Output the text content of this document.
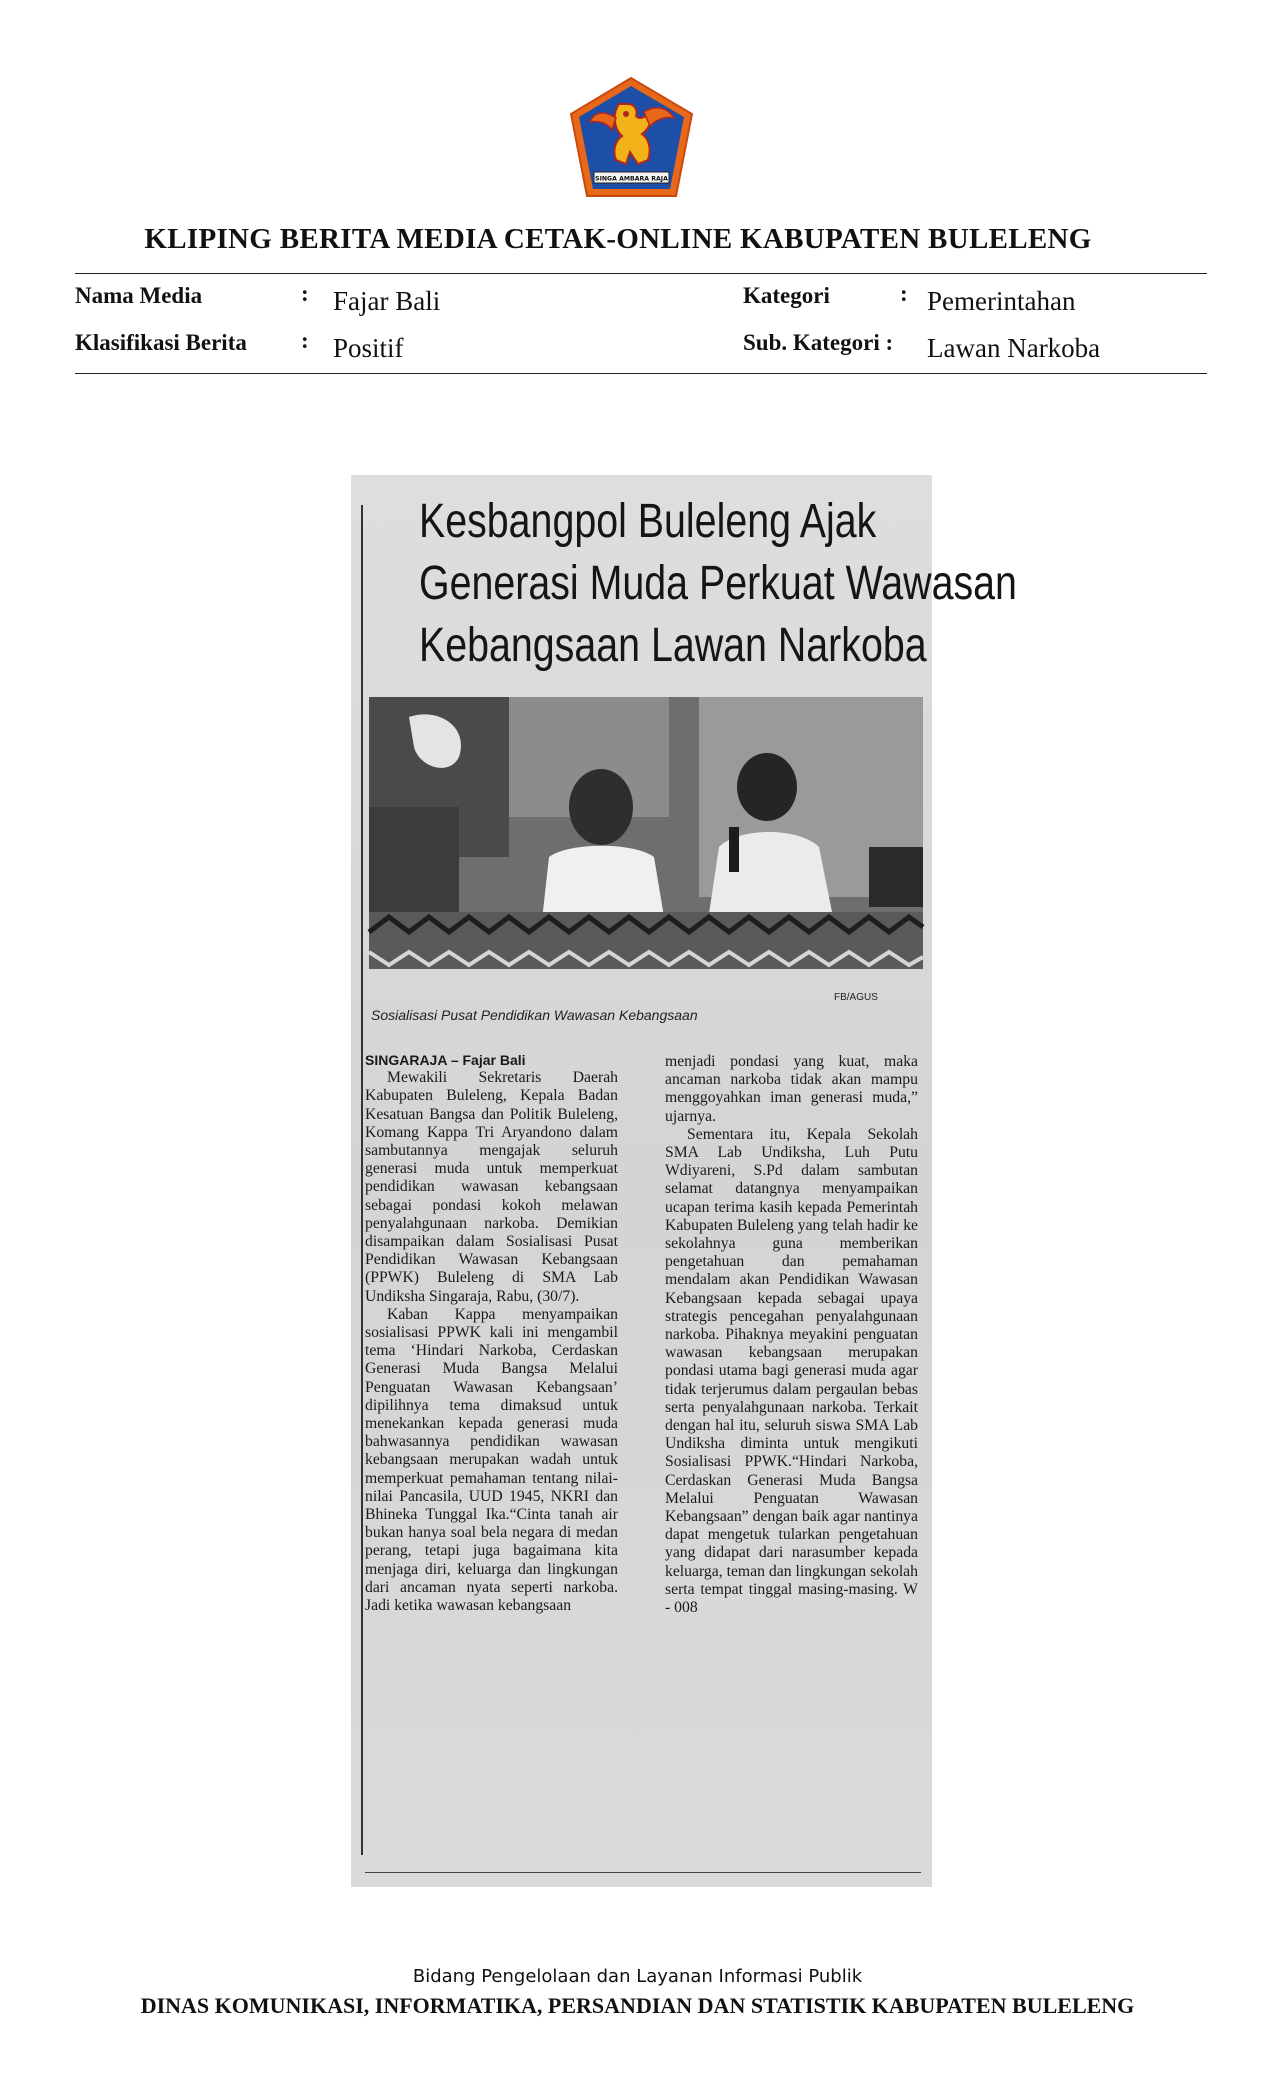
SINGA AMBARA RAJA
KLIPING BERITA MEDIA CETAK-ONLINE KABUPATEN BULELENG
Nama Media	: Fajar Bali	Kategori	: Pemerintahan
Klasifikasi Berita : Positif	Sub. Kategori : Lawan Narkoba
Kesbangpol Buleleng Ajak
Generasi Muda Perkuat Wawasan
Kebangsaan Lawan Narkoba
FB/AGUS
Sosialisasi Pusat Pendidikan Wawasan Kebangsaan
SINGARAJA – Fajar Bali

Mewakili Sekretaris Daerah Kabupaten Buleleng, Kepala Badan Kesatuan Bangsa dan Politik Buleleng, Komang Kappa Tri Aryandono dalam sambutannya mengajak seluruh generasi muda untuk memperkuat pendidikan wawasan kebangsaan sebagai pondasi kokoh melawan penyalahgunaan narkoba. Demikian disampaikan dalam Sosialisasi Pusat Pendidikan Wawasan Kebangsaan (PPWK) Buleleng di SMA Lab Undiksha Singaraja, Rabu, (30/7).

Kaban Kappa menyampaikan sosialisasi PPWK kali ini mengambil tema ‘Hindari Narkoba, Cerdaskan Generasi Muda Bangsa Melalui Penguatan Wawasan Kebangsaan’ dipilihnya tema dimaksud untuk menekankan kepada generasi muda bahwasannya pendidikan wawasan kebangsaan merupakan wadah untuk memperkuat pemahaman tentang nilai-nilai Pancasila, UUD 1945, NKRI dan Bhineka Tunggal Ika.“Cinta tanah air bukan hanya soal bela negara di medan perang, tetapi juga bagaimana kita menjaga diri, keluarga dan lingkungan dari ancaman nyata seperti narkoba. Jadi ketika wawasan kebangsaan

menjadi pondasi yang kuat, maka ancaman narkoba tidak akan mampu menggoyahkan iman generasi muda,” ujarnya.

Sementara itu, Kepala Sekolah SMA Lab Undiksha, Luh Putu Wdiyareni, S.Pd dalam sambutan selamat datangnya menyampaikan ucapan terima kasih kepada Pemerintah Kabupaten Buleleng yang telah hadir ke sekolahnya guna memberikan pengetahuan dan pemahaman mendalam akan Pendidikan Wawasan Kebangsaan kepada sebagai upaya strategis pencegahan penyalahgunaan narkoba. Pihaknya meyakini penguatan wawasan kebangsaan merupakan pondasi utama bagi generasi muda agar tidak terjerumus dalam pergaulan bebas serta penyalahgunaan narkoba. Terkait dengan hal itu, seluruh siswa SMA Lab Undiksha diminta untuk mengikuti Sosialisasi PPWK.“Hindari Narkoba, Cerdaskan Generasi Muda Bangsa Melalui Penguatan Wawasan Kebangsaan” dengan baik agar nantinya dapat mengetuk tularkan pengetahuan yang didapat dari narasumber kepada keluarga, teman dan lingkungan sekolah serta tempat tinggal masing-masing. W - 008

Bidang Pengelolaan dan Layanan Informasi Publik
DINAS KOMUNIKASI, INFORMATIKA, PERSANDIAN DAN STATISTIK KABUPATEN BULELENG
